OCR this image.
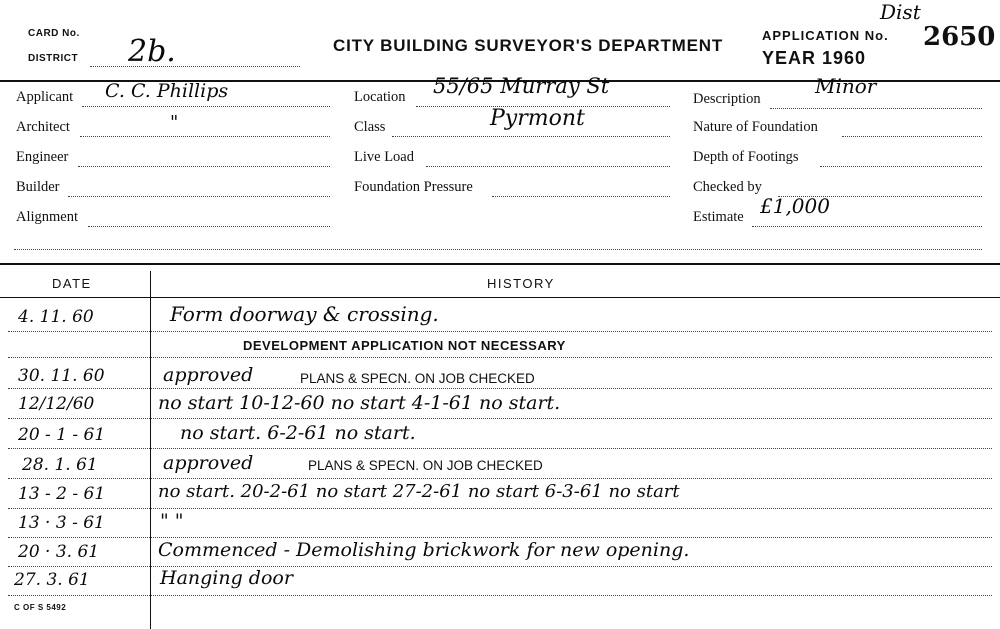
CARD No.
DISTRICT 2b.	CITY BUILDING SURVEYOR'S DEPARTMENT
APPLICATION No.
YEAR 1960
2650
Dist
Applicant C. C. Phillips
Architect	"
Engineer
Builder
Alignment
Location 55/65 Murray St
Class	Pyrmont
Live Load
Foundation Pressure
Description
Minor
Nature of Foundation
Depth of Footings
Checked by
Estimate £1,000
DATE	HISTORY
4. 11. 60	Form doorway & crossing.
DEVELOPMENT APPLICATION NOT NECESSARY
30. 11. 60	approved	PLANS & SPECN. ON JOB CHECKED
12/12/60	no start 10-12-60 no start 4-1-61 no start.
20 - 1 - 61	no start. 6-2-61 no start.
28. 1. 61	approved	PLANS & SPECN. ON JOB CHECKED
13 - 2 - 61	no start. 20-2-61 no start 27-2-61 no start 6-3-61 no start
13 · 3 - 61	" "
20 · 3. 61	Commenced - Demolishing brickwork for new opening.
27. 3. 61	Hanging door
C OF S 5492
